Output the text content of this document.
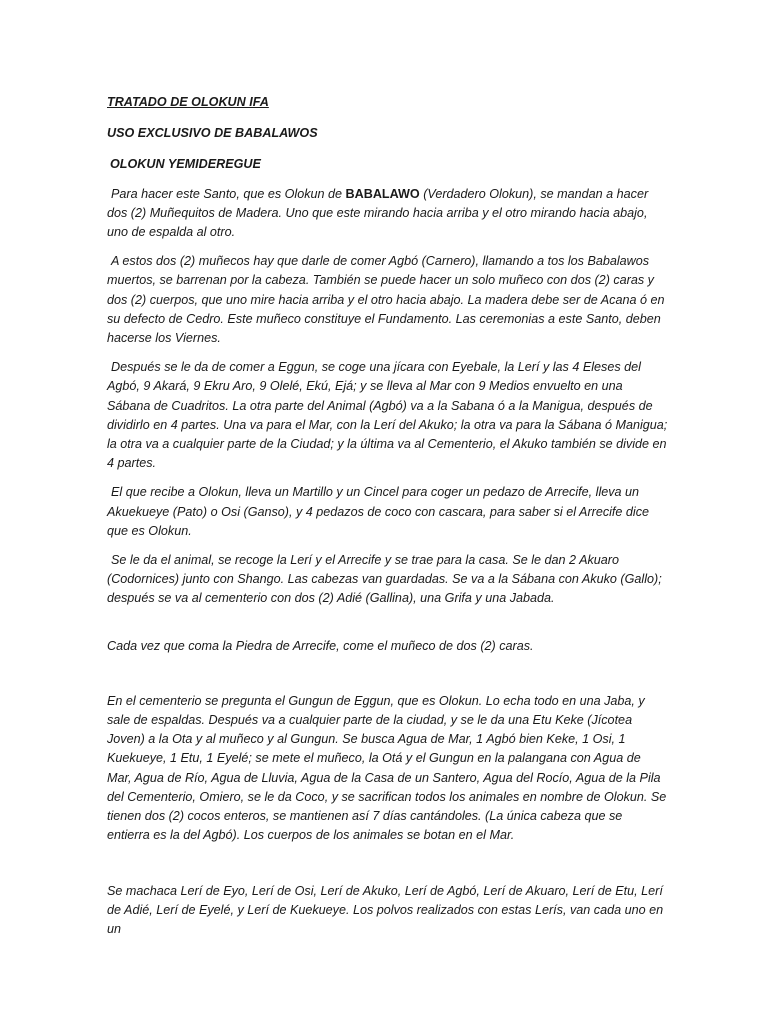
TRATADO DE OLOKUN IFA

USO EXCLUSIVO DE BABALAWOS

OLOKUN YEMIDEREGUE

Para hacer este Santo, que es Olokun de BABALAWO (Verdadero Olokun), se mandan a hacer dos (2) Muñequitos de Madera. Uno que este mirando hacia arriba y el otro mirando hacia abajo, uno de espalda al otro.

A estos dos (2) muñecos hay que darle de comer Agbó (Carnero), llamando a tos los Babalawos muertos, se barrenan por la cabeza. También se puede hacer un solo muñeco con dos (2) caras y dos (2) cuerpos, que uno mire hacia arriba y el otro hacia abajo. La madera debe ser de Acana ó en su defecto de Cedro. Este muñeco constituye el Fundamento. Las ceremonias a este Santo, deben hacerse los Viernes.

Después se le da de comer a Eggun, se coge una jícara con Eyebale, la Lerí y las 4 Eleses del Agbó, 9 Akará, 9 Ekru Aro, 9 Olelé, Ekú, Ejá; y se lleva al Mar con 9 Medios envuelto en una Sábana de Cuadritos. La otra parte del Animal (Agbó) va a la Sabana ó a la Maniguа, después de dividirlo en 4 partes. Una va para el Mar, con la Lerí del Akuko; la otra va para la Sábana ó Manigua; la otra va a cualquier parte de la Ciudad; y la última va al Cementerio, el Akuko también se divide en 4 partes.

El que recibe a Olokun, lleva un Martillo y un Cincel para coger un pedazo de Arrecife, lleva un Akuekueye (Pato) o Osi (Ganso), y 4 pedazos de coco con cascara, para saber si el Arrecife dice que es Olokun.

Se le da el animal, se recoge la Lerí y el Arrecife y se trae para la casa. Se le dan 2 Akuaro (Codornices) junto con Shango. Las cabezas van guardadas. Se va a la Sábana con Akuko (Gallo); después se va al cementerio con dos (2) Adié (Gallina), una Grifa y una Jabada.

Cada vez que coma la Piedra de Arrecife, come el muñeco de dos (2) caras.

En el cementerio se pregunta el Gungun de Eggun, que es Olokun. Lo echa todo en una Jaba, y sale de espaldas. Después va a cualquier parte de la ciudad, y se le da una Etu Keke (Jícotea Joven) a la Ota y al muñeco y al Gungun. Se busca Agua de Mar, 1 Agbó bien Keke, 1 Osi, 1 Kuekueye, 1 Etu, 1 Eyelé; se mete el muñeco, la Otá y el Gungun en la palangana con Agua de Mar, Agua de Río, Agua de Lluvia, Agua de la Casa de un Santero, Agua del Rocío, Agua de la Pila del Cementerio, Omiero, se le da Coco, y se sacrifican todos los animales en nombre de Olokun. Se tienen dos (2) cocos enteros, se mantienen así 7 días cantándoles. (La única cabeza que se entierra es la del Agbó). Los cuerpos de los animales se botan en el Mar.

Se machaca Lerí de Eyo, Lerí de Osi, Lerí de Akuko, Lerí de Agbó, Lerí de Akuaro, Lerí de Etu, Lerí de Adié, Lerí de Eyelé, y Lerí de Kuekueye. Los polvos realizados con estas Lerís, van cada uno en un
